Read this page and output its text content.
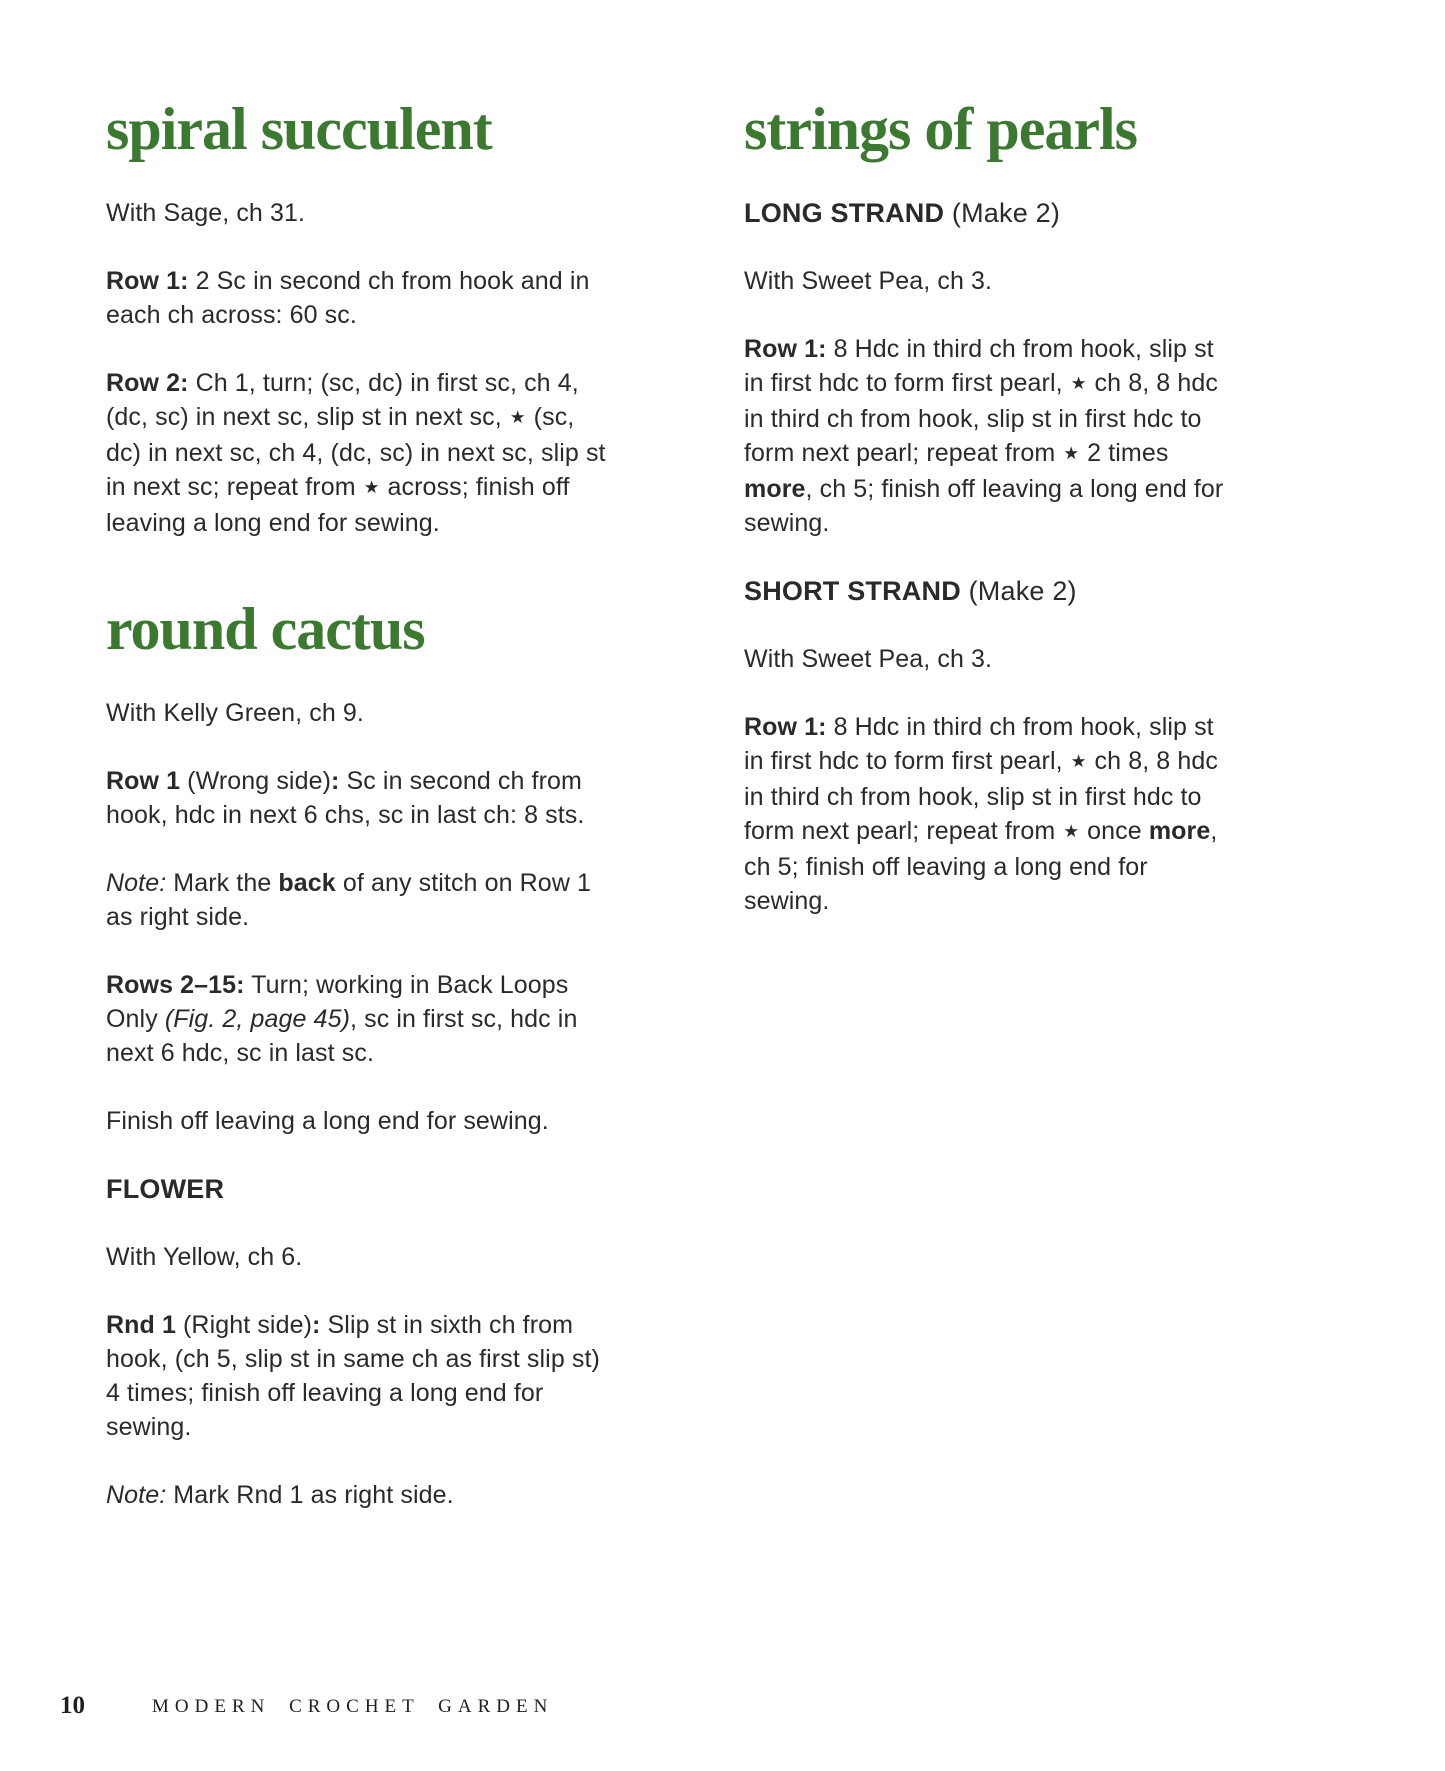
spiral succulent

With Sage, ch 31.

Row 1: 2 Sc in second ch from hook and in each ch across: 60 sc.

Row 2: Ch 1, turn; (sc, dc) in first sc, ch 4, (dc, sc) in next sc, slip st in next sc, ★ (sc, dc) in next sc, ch 4, (dc, sc) in next sc, slip st in next sc; repeat from ★ across; finish off leaving a long end for sewing.

round cactus

With Kelly Green, ch 9.

Row 1 (Wrong side): Sc in second ch from hook, hdc in next 6 chs, sc in last ch: 8 sts.

Note: Mark the back of any stitch on Row 1 as right side.

Rows 2–15: Turn; working in Back Loops Only (Fig. 2, page 45), sc in first sc, hdc in next 6 hdc, sc in last sc.

Finish off leaving a long end for sewing.

FLOWER

With Yellow, ch 6.

Rnd 1 (Right side): Slip st in sixth ch from hook, (ch 5, slip st in same ch as first slip st) 4 times; finish off leaving a long end for sewing.

Note: Mark Rnd 1 as right side.

strings of pearls
LONG STRAND (Make 2)

With Sweet Pea, ch 3.

Row 1: 8 Hdc in third ch from hook, slip st in first hdc to form first pearl, ★ ch 8, 8 hdc in third ch from hook, slip st in first hdc to form next pearl; repeat from ★ 2 times more, ch 5; finish off leaving a long end for sewing.

SHORT STRAND (Make 2)

With Sweet Pea, ch 3.

Row 1: 8 Hdc in third ch from hook, slip st in first hdc to form first pearl, ★ ch 8, 8 hdc in third ch from hook, slip st in first hdc to form next pearl; repeat from ★ once more, ch 5; finish off leaving a long end for sewing.

10	MODERN CROCHET GARDEN
